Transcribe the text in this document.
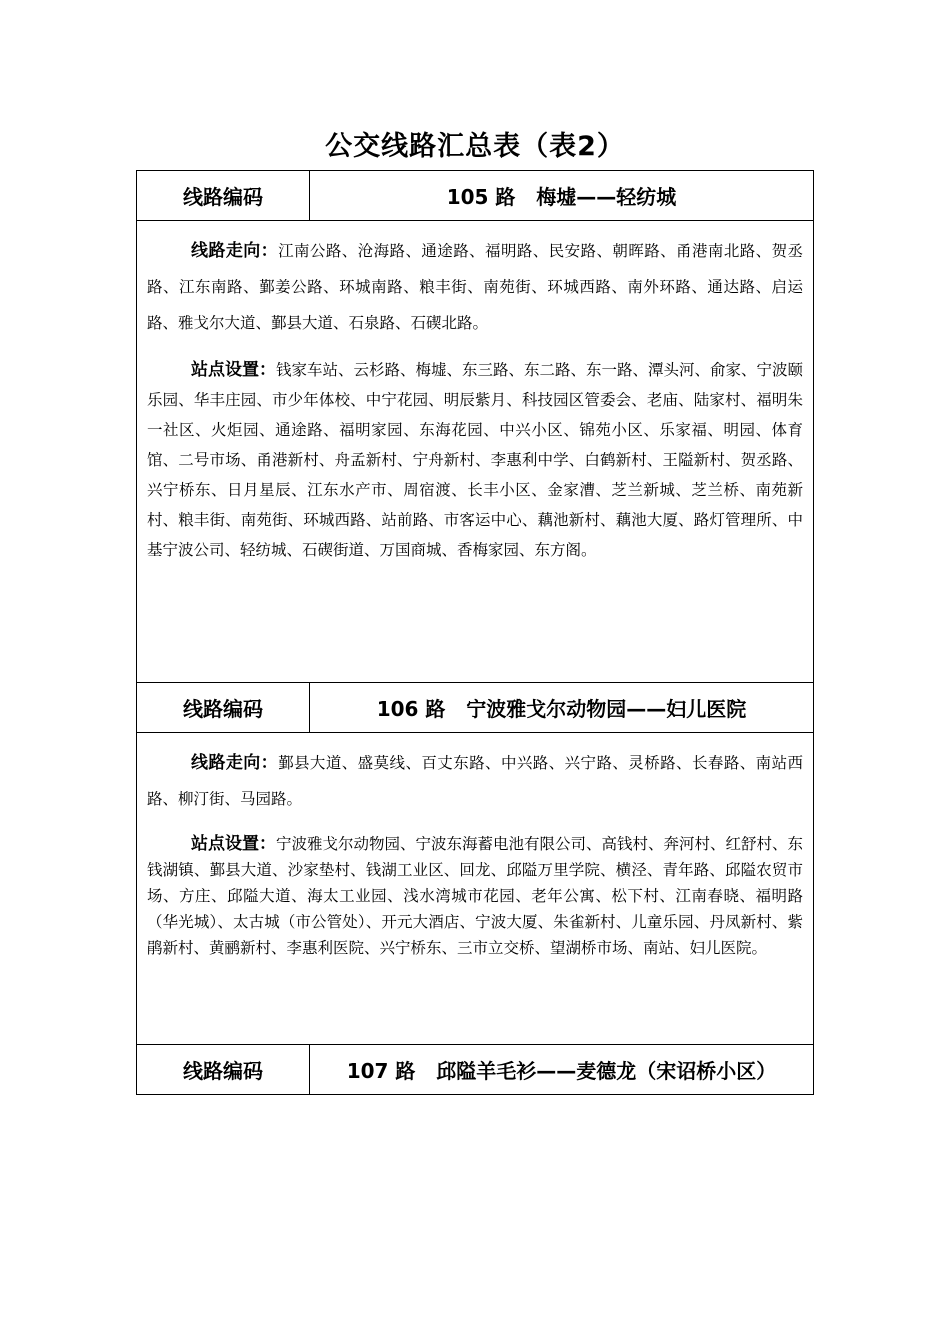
公交线路汇总表（表2）
线路编码	105 路   梅墟——轻纺城

线路走向：江南公路、沧海路、通途路、福明路、民安路、朝晖路、甬港南北路、贺丞路、江东南路、鄞姜公路、环城南路、粮丰街、南苑街、环城西路、南外环路、通达路、启运路、雅戈尔大道、鄞县大道、石泉路、石碶北路。

站点设置：钱家车站、云杉路、梅墟、东三路、东二路、东一路、潭头河、俞家、宁波颐乐园、华丰庄园、市少年体校、中宁花园、明辰紫月、科技园区管委会、老庙、陆家村、福明朱一社区、火炬园、通途路、福明家园、东海花园、中兴小区、锦苑小区、乐家福、明园、体育馆、二号市场、甬港新村、舟孟新村、宁舟新村、李惠利中学、白鹤新村、王隘新村、贺丞路、兴宁桥东、日月星辰、江东水产市、周宿渡、长丰小区、金家漕、芝兰新城、芝兰桥、南苑新村、粮丰街、南苑街、环城西路、站前路、市客运中心、藕池新村、藕池大厦、路灯管理所、中基宁波公司、轻纺城、石碶街道、万国商城、香梅家园、东方阁。

线路编码	106 路   宁波雅戈尔动物园——妇儿医院

线路走向：鄞县大道、盛莫线、百丈东路、中兴路、兴宁路、灵桥路、长春路、南站西路、柳汀街、马园路。

站点设置：宁波雅戈尔动物园、宁波东海蓄电池有限公司、高钱村、奔河村、红舒村、东钱湖镇、鄞县大道、沙家垫村、钱湖工业区、回龙、邱隘万里学院、横泾、青年路、邱隘农贸市场、方庄、邱隘大道、海太工业园、浅水湾城市花园、老年公寓、松下村、江南春晓、福明路（华光城）、太古城（市公管处）、开元大酒店、宁波大厦、朱雀新村、儿童乐园、丹凤新村、紫鹃新村、黄鹂新村、李惠利医院、兴宁桥东、三市立交桥、望湖桥市场、南站、妇儿医院。

线路编码	107 路   邱隘羊毛衫——麦德龙（宋诏桥小区）
